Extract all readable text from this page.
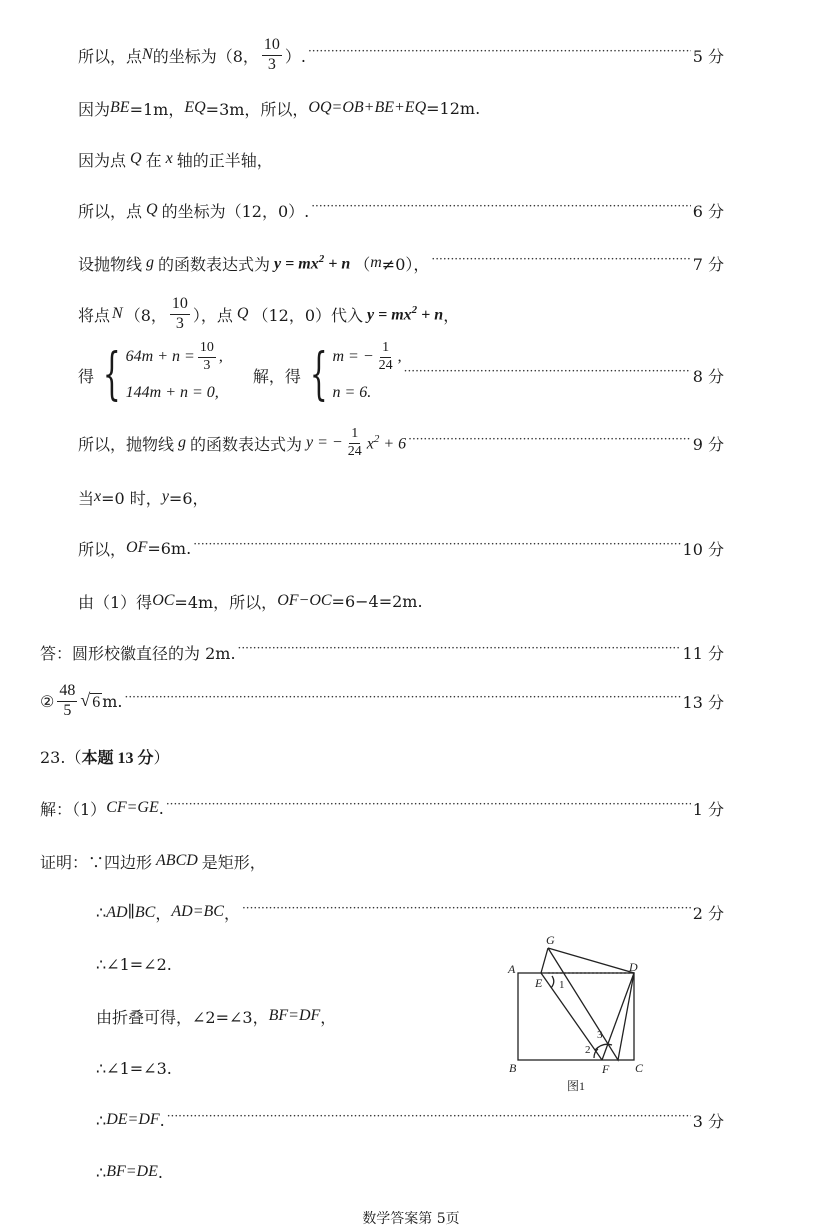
所以，点 N 的坐标为（8， $\frac{10}{3}$ ）. ·····	5 分
因为 BE =1m， EQ =3m，所以， OQ=OB+BE+EQ =12m.
因为点 Q 在 x 轴的正半轴，
所以，点 Q 的坐标为（12，0）. ·····	6 分
设抛物线 g 的函数表达式为 $y = mx^2 + n$ （ m ≠0）， ·····	7 分
将点 N （8， $\frac{10}{3}$ ），点 Q （12，0）代入 $y = mx^2 + n$ ，
得 { $64m + n = \frac{10}{3}$ ,
144m + n = 0,
解，得 { m = − $\frac{1}{24}$ ,
n = 6.
·····
8 分
所以，抛物线 g 的函数表达式为 y = − $\frac{1}{24} x^2 + 6$ ·····	9 分
当 x =0 时， y =6，
所以， OF =6m. ·····	10 分
由（1）得 OC =4m，所以， OF−OC =6−4=2m.
答：圆形校徽直径的为 2m. ·····	11 分
② $\frac{48}{5}$ √ 6 m. ·····	13 分
23.（ 本题 13 分 ）
解：（1） CF=GE . ·····	1 分
证明：∵四边形 ABCD 是矩形，
∴ AD∥BC ， AD=BC ， ·····	2 分
∴∠1=∠2.
由折叠可得，∠2=∠3， BF=DF ，
∴∠1=∠3.
∴ DE=DF . ·····	3 分
∴ BF=DE .
G
A	D
E
B	C
F
1
2
3
图1
数学答案第 5页
